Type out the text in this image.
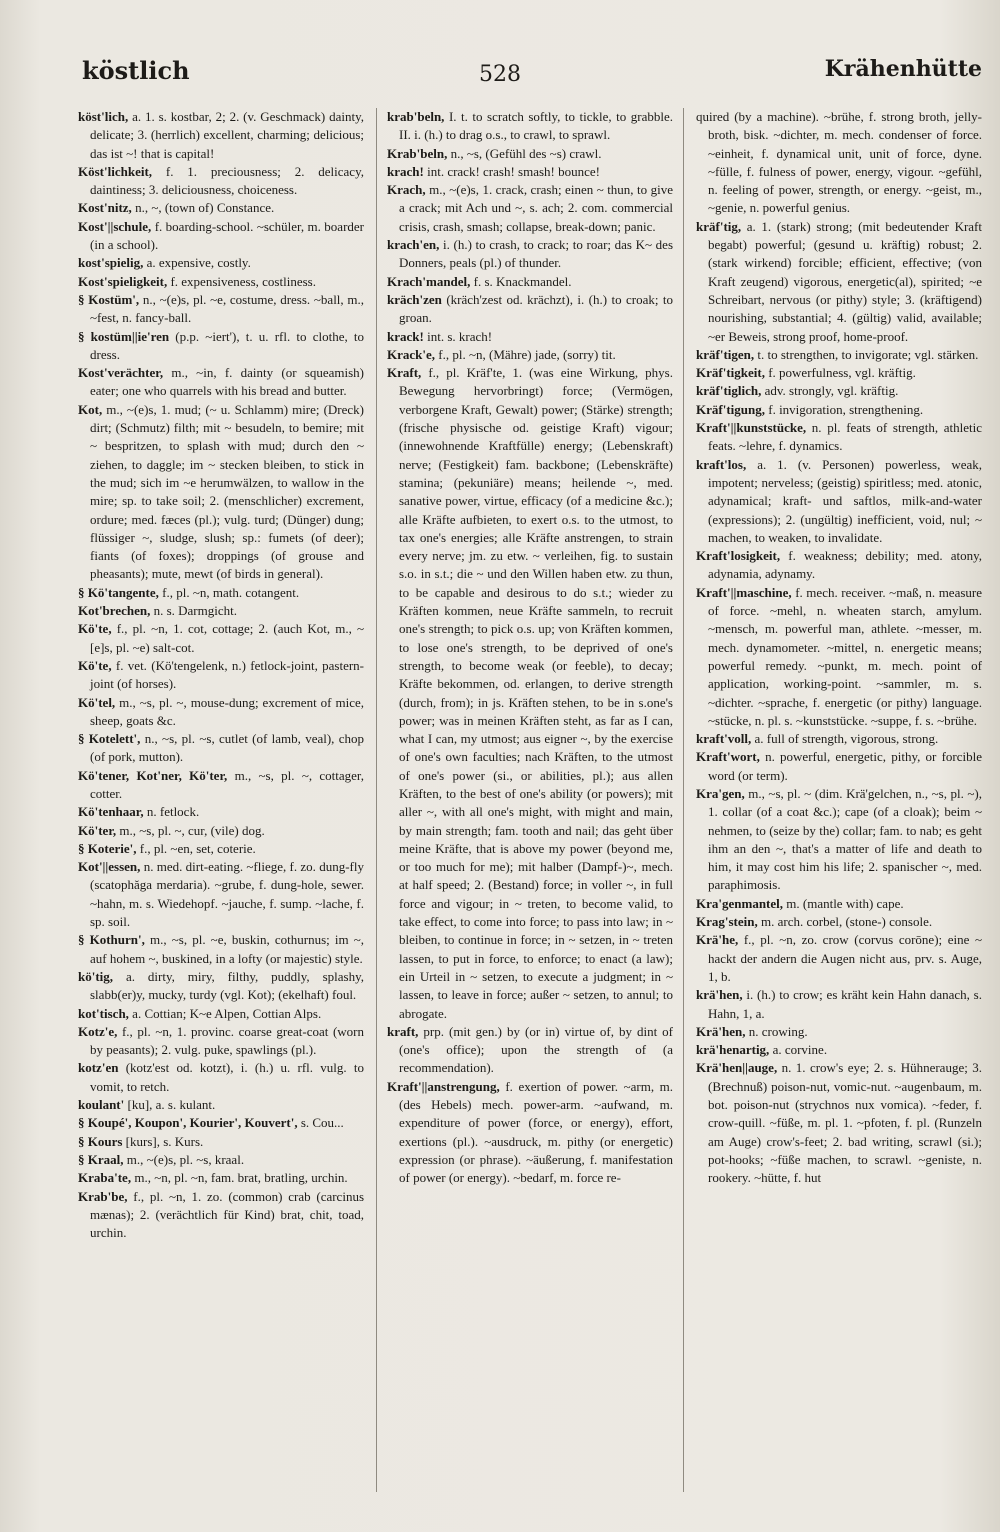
köstlich	528	Krähenhütte
köst'lich, a. 1. s. kostbar, 2; 2. (v. Geschmack) dainty, delicate; 3. (herrlich) excellent, charming; delicious; das ist ~! that is capital!
Köst'lichkeit, f. 1. preciousness; 2. delicacy, daintiness; 3. deliciousness, choiceness.
Kost'nitz, n., ~, (town of) Constance.
Kost'||schule, f. boarding-school. ~schüler, m. boarder (in a school).
kost'spielig, a. expensive, costly.
Kost'spieligkeit, f. expensiveness, costliness.
§ Kostüm', n., ~(e)s, pl. ~e, costume, dress. ~ball, m., ~fest, n. fancy-ball.
§ kostüm||ie'ren (p.p. ~iert'), t. u. rfl. to clothe, to dress.
Kost'verächter, m., ~in, f. dainty (or squeamish) eater; one who quarrels with his bread and butter.
Kot, m., ~(e)s, 1. mud; (~ u. Schlamm) mire; (Dreck) dirt; (Schmutz) filth; mit ~ besudeln, to bemire; mit ~ bespritzen, to splash with mud; durch den ~ ziehen, to daggle; im ~ stecken bleiben, to stick in the mud; sich im ~e herumwälzen, to wallow in the mire; sp. to take soil; 2. (menschlicher) excrement, ordure; med. fæces (pl.); vulg. turd; (Dünger) dung; flüssiger ~, sludge, slush; sp.: fumets (of deer); fiants (of foxes); droppings (of grouse and pheasants); mute, mewt (of birds in general).
§ Kö'tangente, f., pl. ~n, math. cotangent.
Kot'brechen, n. s. Darmgicht.
Kö'te, f., pl. ~n, 1. cot, cottage; 2. (auch Kot, m., ~[e]s, pl. ~e) salt-cot.
Kö'te, f. vet. (Kö'tengelenk, n.) fetlock-joint, pastern-joint (of horses).
Kö'tel, m., ~s, pl. ~, mouse-dung; excrement of mice, sheep, goats &c.
§ Kotelett', n., ~s, pl. ~s, cutlet (of lamb, veal), chop (of pork, mutton).
Kö'tener, Kot'ner, Kö'ter, m., ~s, pl. ~, cottager, cotter.
Kö'tenhaar, n. fetlock.
Kö'ter, m., ~s, pl. ~, cur, (vile) dog.
§ Koterie', f., pl. ~en, set, coterie.
Kot'||essen, n. med. dirt-eating. ~fliege, f. zo. dung-fly (scatophăga merdaria). ~grube, f. dung-hole, sewer. ~hahn, m. s. Wiedehopf. ~jauche, f. sump. ~lache, f. sp. soil.
§ Kothurn', m., ~s, pl. ~e, buskin, cothurnus; im ~, auf hohem ~, buskined, in a lofty (or majestic) style.
kö'tig, a. dirty, miry, filthy, puddly, splashy, slabb(er)y, mucky, turdy (vgl. Kot); (ekelhaft) foul.
kot'tisch, a. Cottian; K~e Alpen, Cottian Alps.
Kotz'e, f., pl. ~n, 1. provinc. coarse great-coat (worn by peasants); 2. vulg. puke, spawlings (pl.).
kotz'en (kotz'est od. kotzt), i. (h.) u. rfl. vulg. to vomit, to retch.
koulant' [ku], a. s. kulant.
§ Koupé', Koupon', Kourier', Kouvert', s. Cou...
§ Kours [kurs], s. Kurs.
§ Kraal, m., ~(e)s, pl. ~s, kraal.
Kraba'te, m., ~n, pl. ~n, fam. brat, bratling, urchin.
Krab'be, f., pl. ~n, 1. zo. (common) crab (carcinus mænas); 2. (verächtlich für Kind) brat, chit, toad, urchin.
krab'beln, I. t. to scratch softly, to tickle, to grabble. II. i. (h.) to drag o.s., to crawl, to sprawl.
Krab'beln, n., ~s, (Gefühl des ~s) crawl.
krach! int. crack! crash! smash! bounce!
Krach, m., ~(e)s, 1. crack, crash; einen ~ thun, to give a crack; mit Ach und ~, s. ach; 2. com. commercial crisis, crash, smash; collapse, break-down; panic.
krach'en, i. (h.) to crash, to crack; to roar; das K~ des Donners, peals (pl.) of thunder.
Krach'mandel, f. s. Knackmandel.
kräch'zen (kräch'zest od. krächzt), i. (h.) to croak; to groan.
krack! int. s. krach!
Krack'e, f., pl. ~n, (Mähre) jade, (sorry) tit.
Kraft, f., pl. Kräf'te, 1. (was eine Wirkung, phys. Bewegung hervorbringt) force; (Vermögen, verborgene Kraft, Gewalt) power; (Stärke) strength; (frische physische od. geistige Kraft) vigour; (innewohnende Kraftfülle) energy; (Lebenskraft) nerve; (Festigkeit) fam. backbone; (Lebenskräfte) stamina; (pekuniäre) means; heilende ~, med. sanative power, virtue, efficacy (of a medicine &c.); alle Kräfte aufbieten, to exert o.s. to the utmost, to tax one's energies; alle Kräfte anstrengen, to strain every nerve; jm. zu etw. ~ verleihen, fig. to sustain s.o. in s.t.; die ~ und den Willen haben etw. zu thun, to be capable and desirous to do s.t.; wieder zu Kräften kommen, neue Kräfte sammeln, to recruit one's strength; to pick o.s. up; von Kräften kommen, to lose one's strength, to be deprived of one's strength, to become weak (or feeble), to decay; Kräfte bekommen, od. erlangen, to derive strength (durch, from); in js. Kräften stehen, to be in s.one's power; was in meinen Kräften steht, as far as I can, what I can, my utmost; aus eigner ~, by the exercise of one's own faculties; nach Kräften, to the utmost of one's power (si., or abilities, pl.); aus allen Kräften, to the best of one's ability (or powers); mit aller ~, with all one's might, with might and main, by main strength; fam. tooth and nail; das geht über meine Kräfte, that is above my power (beyond me, or too much for me); mit halber (Dampf-)~, mech. at half speed; 2. (Bestand) force; in voller ~, in full force and vigour; in ~ treten, to become valid, to take effect, to come into force; to pass into law; in ~ bleiben, to continue in force; in ~ setzen, in ~ treten lassen, to put in force, to enforce; to enact (a law); ein Urteil in ~ setzen, to execute a judgment; in ~ lassen, to leave in force; außer ~ setzen, to annul; to abrogate.
kraft, prp. (mit gen.) by (or in) virtue of, by dint of (one's office); upon the strength of (a recommendation).
Kraft'||anstrengung, f. exertion of power. ~arm, m. (des Hebels) mech. power-arm. ~aufwand, m. expenditure of power (force, or energy), effort, exertions (pl.). ~ausdruck, m. pithy (or energetic) expression (or phrase). ~äußerung, f. manifestation of power (or energy). ~bedarf, m. force re-
quired (by a machine). ~brühe, f. strong broth, jelly-broth, bisk. ~dichter, m. mech. condenser of force. ~einheit, f. dynamical unit, unit of force, dyne. ~fülle, f. fulness of power, energy, vigour. ~gefühl, n. feeling of power, strength, or energy. ~geist, m., ~genie, n. powerful genius.
kräf'tig, a. 1. (stark) strong; (mit bedeutender Kraft begabt) powerful; (gesund u. kräftig) robust; 2. (stark wirkend) forcible; efficient, effective; (von Kraft zeugend) vigorous, energetic(al), spirited; ~e Schreibart, nervous (or pithy) style; 3. (kräftigend) nourishing, substantial; 4. (gültig) valid, available; ~er Beweis, strong proof, home-proof.
kräf'tigen, t. to strengthen, to invigorate; vgl. stärken.
Kräf'tigkeit, f. powerfulness, vgl. kräftig.
kräf'tiglich, adv. strongly, vgl. kräftig.
Kräf'tigung, f. invigoration, strengthening.
Kraft'||kunststücke, n. pl. feats of strength, athletic feats. ~lehre, f. dynamics.
kraft'los, a. 1. (v. Personen) powerless, weak, impotent; nerveless; (geistig) spiritless; med. atonic, adynamical; kraft- und saftlos, milk-and-water (expressions); 2. (ungültig) inefficient, void, nul; ~ machen, to weaken, to invalidate.
Kraft'losigkeit, f. weakness; debility; med. atony, adynamia, adynamy.
Kraft'||maschine, f. mech. receiver. ~maß, n. measure of force. ~mehl, n. wheaten starch, amylum. ~mensch, m. powerful man, athlete. ~messer, m. mech. dynamometer. ~mittel, n. energetic means; powerful remedy. ~punkt, m. mech. point of application, working-point. ~sammler, m. s. ~dichter. ~sprache, f. energetic (or pithy) language. ~stücke, n. pl. s. ~kunststücke. ~suppe, f. s. ~brühe.
kraft'voll, a. full of strength, vigorous, strong.
Kraft'wort, n. powerful, energetic, pithy, or forcible word (or term).
Kra'gen, m., ~s, pl. ~ (dim. Krä'gelchen, n., ~s, pl. ~), 1. collar (of a coat &c.); cape (of a cloak); beim ~ nehmen, to (seize by the) collar; fam. to nab; es geht ihm an den ~, that's a matter of life and death to him, it may cost him his life; 2. spanischer ~, med. paraphimosis.
Kra'genmantel, m. (mantle with) cape.
Krag'stein, m. arch. corbel, (stone-) console.
Krä'he, f., pl. ~n, zo. crow (corvus corōne); eine ~ hackt der andern die Augen nicht aus, prv. s. Auge, 1, b.
krä'hen, i. (h.) to crow; es kräht kein Hahn danach, s. Hahn, 1, a.
Krä'hen, n. crowing.
krä'henartig, a. corvine.
Krä'hen||auge, n. 1. crow's eye; 2. s. Hühnerauge; 3. (Brechnuß) poison-nut, vomic-nut. ~augenbaum, m. bot. poison-nut (strychnos nux vomica). ~feder, f. crow-quill. ~füße, m. pl. 1. ~pfoten, f. pl. (Runzeln am Auge) crow's-feet; 2. bad writing, scrawl (si.); pot-hooks; ~füße machen, to scrawl. ~geniste, n. rookery. ~hütte, f. hut
